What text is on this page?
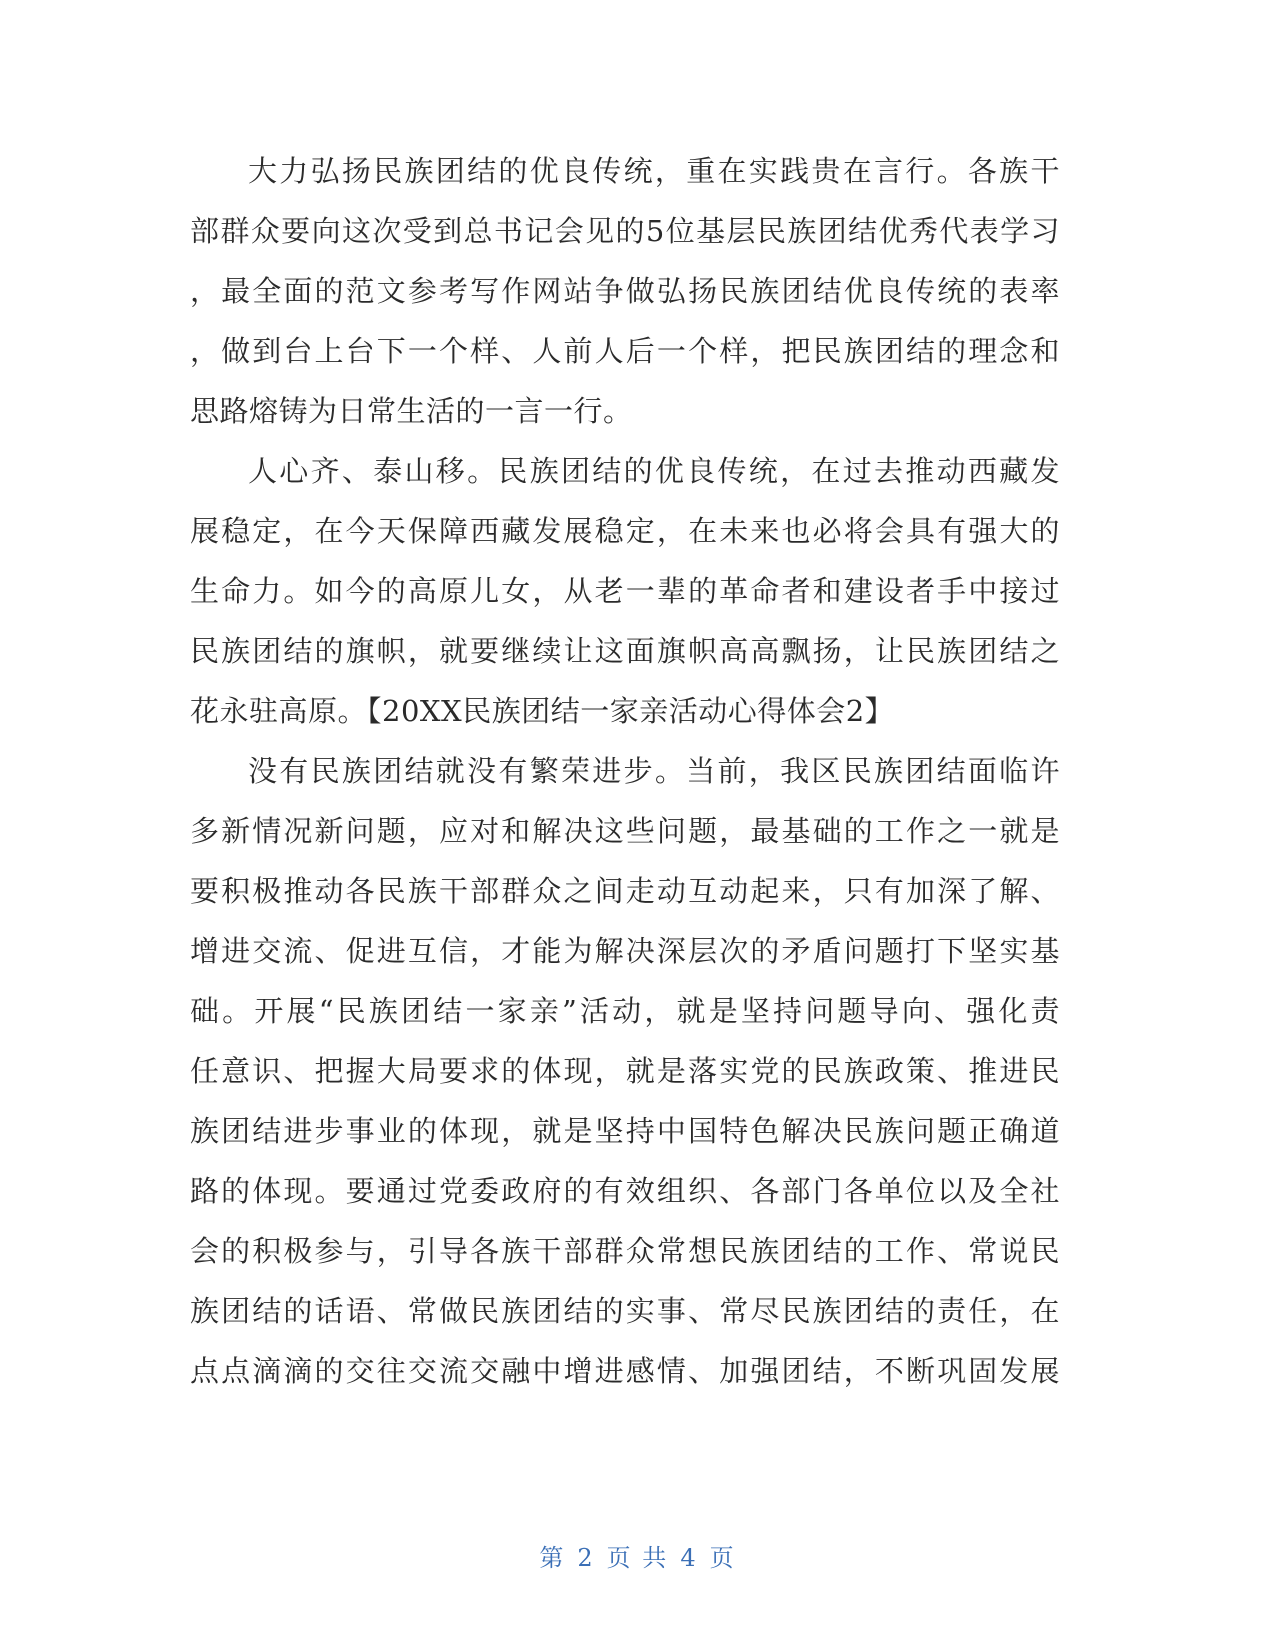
大力弘扬民族团结的优良传统，重在实践贵在言行。各族干
部群众要向这次受到总书记会见的5位基层民族团结优秀代表学习
，最全面的范文参考写作网站争做弘扬民族团结优良传统的表率
，做到台上台下一个样、人前人后一个样，把民族团结的理念和
思路熔铸为日常生活的一言一行。
人心齐、泰山移。民族团结的优良传统，在过去推动西藏发
展稳定，在今天保障西藏发展稳定，在未来也必将会具有强大的
生命力。如今的高原儿女，从老一辈的革命者和建设者手中接过
民族团结的旗帜，就要继续让这面旗帜高高飘扬，让民族团结之
花永驻高原。【20XX民族团结一家亲活动心得体会2】
没有民族团结就没有繁荣进步。当前，我区民族团结面临许
多新情况新问题，应对和解决这些问题，最基础的工作之一就是
要积极推动各民族干部群众之间走动互动起来，只有加深了解、
增进交流、促进互信，才能为解决深层次的矛盾问题打下坚实基
础。开展“民族团结一家亲”活动，就是坚持问题导向、强化责
任意识、把握大局要求的体现，就是落实党的民族政策、推进民
族团结进步事业的体现，就是坚持中国特色解决民族问题正确道
路的体现。要通过党委政府的有效组织、各部门各单位以及全社
会的积极参与，引导各族干部群众常想民族团结的工作、常说民
族团结的话语、常做民族团结的实事、常尽民族团结的责任，在
点点滴滴的交往交流交融中增进感情、加强团结，不断巩固发展
第 2 页 共 4 页
